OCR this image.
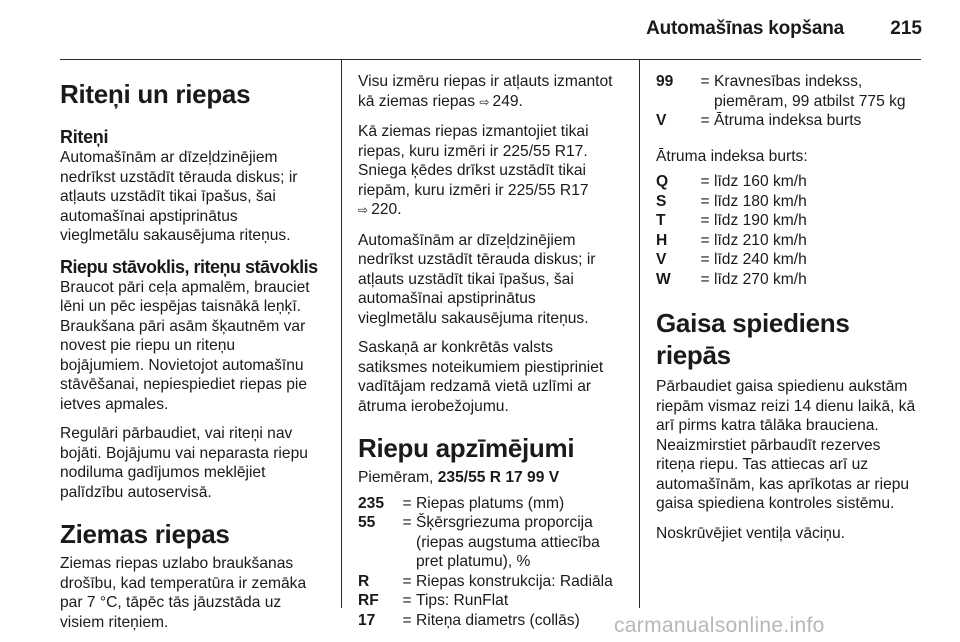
Automašīnas kopšana	215
Riteņi un riepas
Riteņi

Automašīnām ar dīzeļdzinējiem
nedrīkst uzstādīt tērauda diskus; ir
atļauts uzstādīt tikai īpašus, šai
automašīnai apstiprinātus
vieglmetālu sakausējuma riteņus.

Riepu stāvoklis, riteņu stāvoklis

Braucot pāri ceļa apmalēm, brauciet
lēni un pēc iespējas taisnākā leņķī.
Braukšana pāri asām šķautnēm var
novest pie riepu un riteņu
bojājumiem. Novietojot automašīnu
stāvēšanai, nepiespiediet riepas pie
ietves apmales.

Regulāri pārbaudiet, vai riteņi nav
bojāti. Bojājumu vai neparasta riepu
nodiluma gadījumos meklējiet
palīdzību autoservisā.

Ziemas riepas

Ziemas riepas uzlabo braukšanas
drošību, kad temperatūra ir zemāka
par 7 °C, tāpēc tās jāuzstāda uz
visiem riteņiem.

Visu izmēru riepas ir atļauts izmantot
kā ziemas riepas ⇨  249.

Kā ziemas riepas izmantojiet tikai
riepas, kuru izmēri ir 225/55 R17.
Sniega ķēdes drīkst uzstādīt tikai
riepām, kuru izmēri ir 225/55 R17
⇨  220.

Automašīnām ar dīzeļdzinējiem
nedrīkst uzstādīt tērauda diskus; ir
atļauts uzstādīt tikai īpašus, šai
automašīnai apstiprinātus
vieglmetālu sakausējuma riteņus.

Saskaņā ar konkrētās valsts
satiksmes noteikumiem piestipriniet
vadītājam redzamā vietā uzlīmi ar
ātruma ierobežojumu.

Riepu apzīmējumi

Piemēram, 235/55 R 17 99 V

235	=	Riepas platums (mm)
55	=	Šķērsgriezuma proporcija
(riepas augstuma attiecība
pret platumu), %
R	=	Riepas konstrukcija: Radiāla
RF	=	Tips: RunFlat
17	=	Riteņa diametrs (collās)
99	=	Kravnesības indekss,
piemēram, 99 atbilst 775 kg
V	=	Ātruma indeksa burts

Ātruma indeksa burts:

Q	=	līdz 160 km/h
S	=	līdz 180 km/h
T	=	līdz 190 km/h
H	=	līdz 210 km/h
V	=	līdz 240 km/h
W	=	līdz 270 km/h
Gaisa spiediens riepās

Pārbaudiet gaisa spiedienu aukstām
riepām vismaz reizi 14 dienu laikā, kā
arī pirms katra tālāka brauciena.
Neaizmirstiet pārbaudīt rezerves
riteņa riepu. Tas attiecas arī uz
automašīnām, kas aprīkotas ar riepu
gaisa spiediena kontroles sistēmu.

Noskrūvējiet ventiļa vāciņu.

carmanualsonline.info
